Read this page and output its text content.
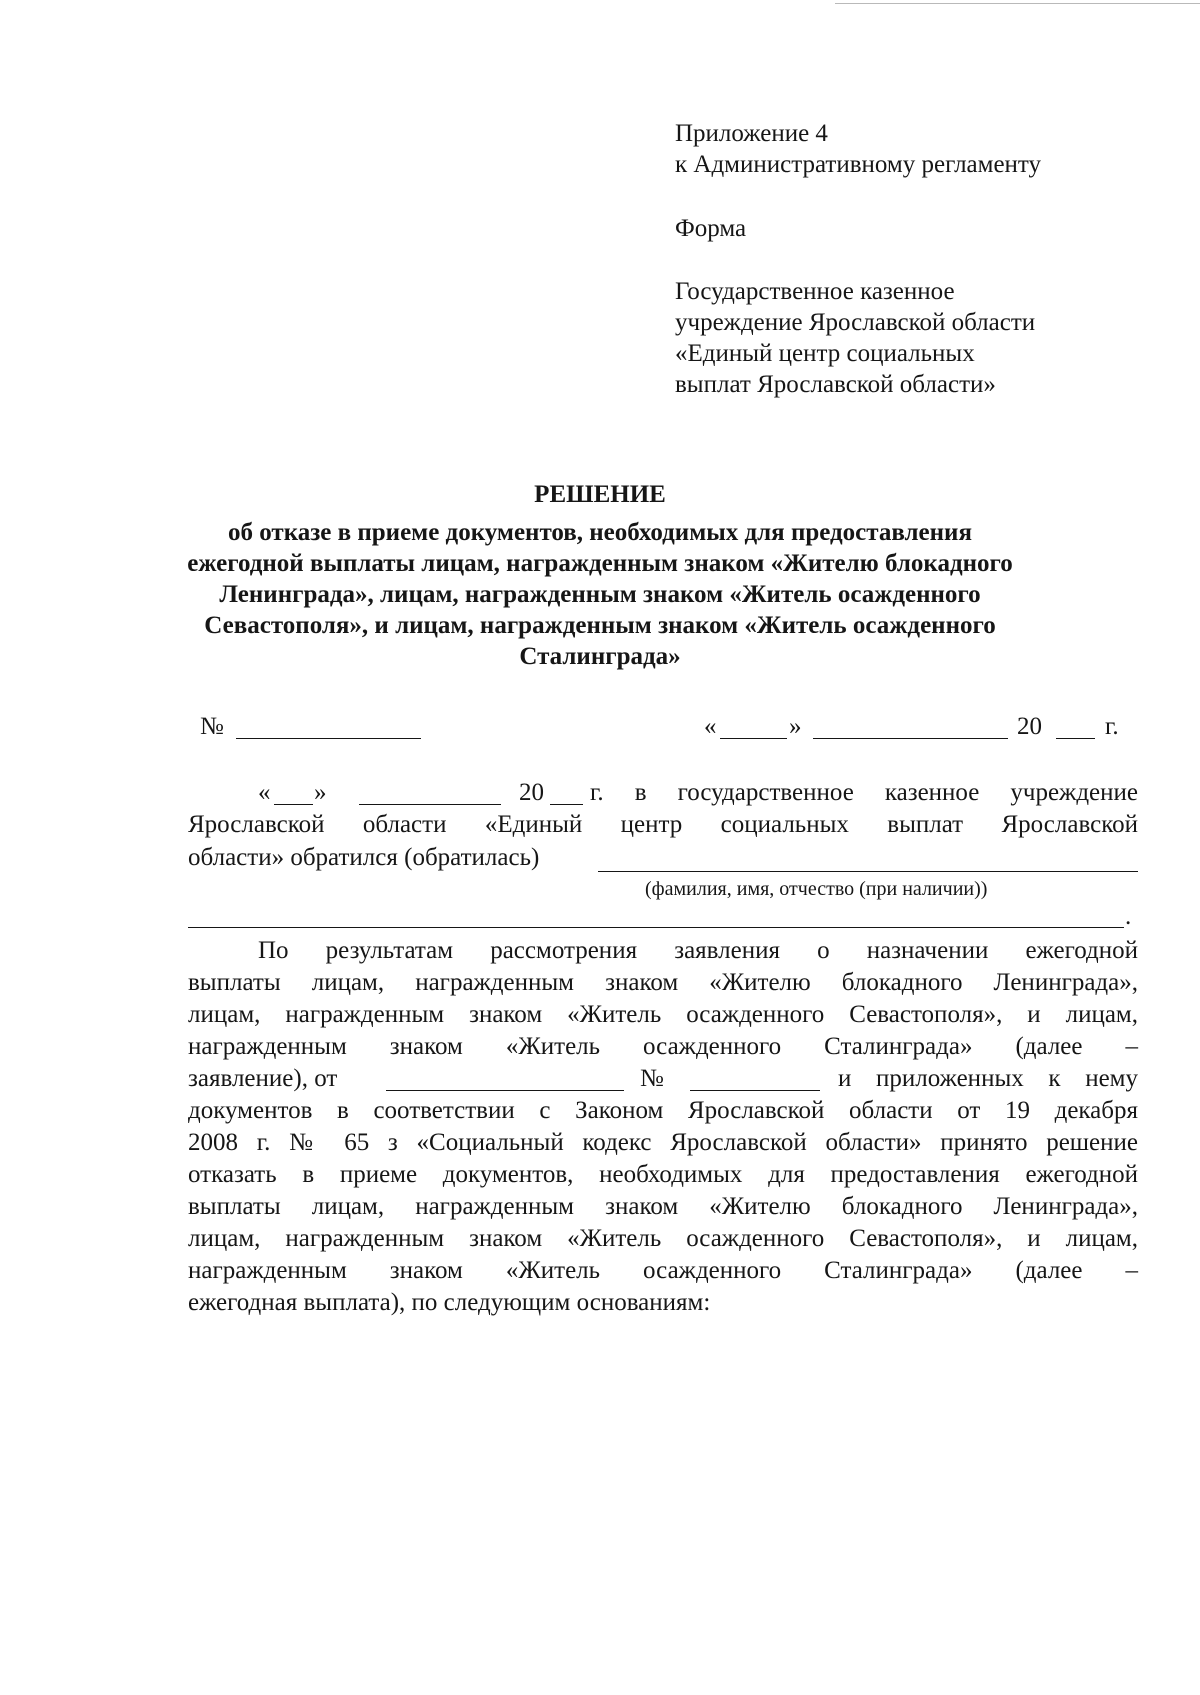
Приложение 4
к Административному регламенту
Форма
Государственное казенное
учреждение Ярославской области
«Единый центр социальных
выплат Ярославской области»
РЕШЕНИЕ
об отказе в приеме документов, необходимых для предоставления
ежегодной выплаты лицам, награжденным знаком «Жителю блокадного
Ленинграда», лицам, награжденным знаком «Житель осажденного
Севастополя», и лицам, награжденным знаком «Житель осажденного
Сталинграда»
№	«	»	20	г.
« »	20 г. в государственное казенное учреждение
Ярославской области «Единый центр социальных выплат Ярославской
области» обратился (обратилась)
(фамилия, имя, отчество (при наличии))
.
По результатам рассмотрения заявления о назначении ежегодной
выплаты лицам, награжденным знаком «Жителю блокадного Ленинграда»,
лицам, награжденным знаком «Житель осажденного Севастополя», и лицам,
награжденным знаком «Житель осажденного Сталинграда» (далее –
заявление), от	№	и приложенных к нему
документов в соответствии с Законом Ярославской области от 19 декабря
2008 г. № 65 з «Социальный кодекс Ярославской области» принято решение
отказать в приеме документов, необходимых для предоставления ежегодной
выплаты лицам, награжденным знаком «Жителю блокадного Ленинграда»,
лицам, награжденным знаком «Житель осажденного Севастополя», и лицам,
награжденным знаком «Житель осажденного Сталинграда» (далее –
ежегодная выплата), по следующим основаниям:
